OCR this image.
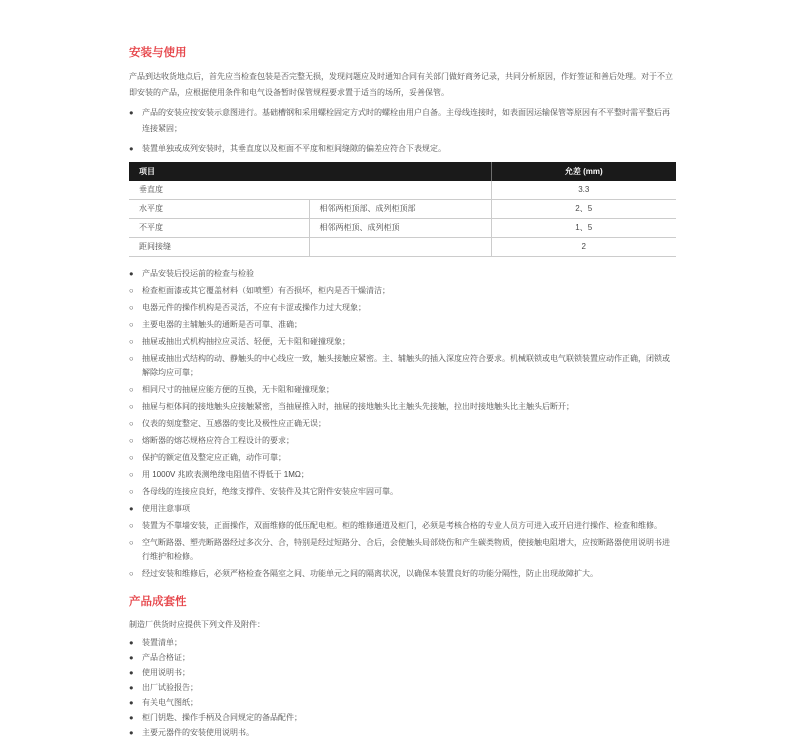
安装与使用

产品到达收货地点后，首先应当检查包装是否完整无损，发现问题应及时通知合同有关部门做好商务记录，共同分析原因，作好签证和善后处理。对于不立即安装的产品，应根据使用条件和电气设备暂时保管规程要求置于适当的场所，妥善保管。

● 产品的安装应按安装示意图进行。基础槽钢和采用螺栓固定方式时的螺栓由用户自备。主母线连接时，如表面因运输保管等原因有不平整时需平整后再连接紧固；
● 装置单独或成列安装时，其垂直度以及柜面不平度和柜间缝隙的偏差应符合下表规定。
项目		允差 (mm)
垂直度		3.3
水平度	相邻两柜顶部、成列柜顶部	2、5
不平度	相邻两柜顶、成列柜顶	1、5
距间接缝		2
● 产品安装后投运前的检查与检验
○ 检查柜面漆或其它覆盖材料（如喷塑）有否损坏，柜内是否干燥清洁；
○ 电器元件的操作机构是否灵活，不应有卡涩或操作力过大现象；
○ 主要电器的主辅触头的通断是否可靠、准确；
○ 抽屉或抽出式机构抽拉应灵活、轻便，无卡阻和碰撞现象；
○ 抽屉或抽出式结构的动、静触头的中心线应一致，触头接触应紧密。主、辅触头的插入深度应符合要求。机械联锁或电气联锁装置应动作正确，闭锁或解除均应可靠；
○ 相同尺寸的抽屉应能方便的互换，无卡阻和碰撞现象；
○ 抽屉与柜体间的接地触头应接触紧密，当抽屉推入时，抽屉的接地触头比主触头先接触，拉出时接地触头比主触头后断开；
○ 仪表的刻度整定、互感器的变比及极性应正确无误；
○ 熔断器的熔芯规格应符合工程设计的要求；
○ 保护的额定值及整定应正确，动作可靠；
○ 用 1000V 兆欧表测绝缘电阻值不得低于 1MΩ；
○ 各母线的连接应良好，绝缘支撑件、安装件及其它附件安装应牢固可靠。
● 使用注意事项
○ 装置为不靠墙安装，正面操作，双面维修的低压配电柜。柜的维修通道及柜门，必须是考核合格的专业人员方可进入或开启进行操作、检查和维修。
○ 空气断路器、塑壳断路器经过多次分、合，特别是经过短路分、合后，会使触头局部烧伤和产生碳类物质，使接触电阻增大，应按断路器使用说明书进行维护和检修。
○ 经过安装和维修后，必须严格检查各隔室之间、功能单元之间的隔离状况，以确保本装置良好的功能分隔性，防止出现故障扩大。
产品成套性

制造厂供货时应提供下列文件及附件：

● 装置清单；
● 产品合格证；
● 使用说明书；
● 出厂试验报告；
● 有关电气图纸；
● 柜门钥匙、操作手柄及合同规定的备品配件；
● 主要元器件的安装使用说明书。
